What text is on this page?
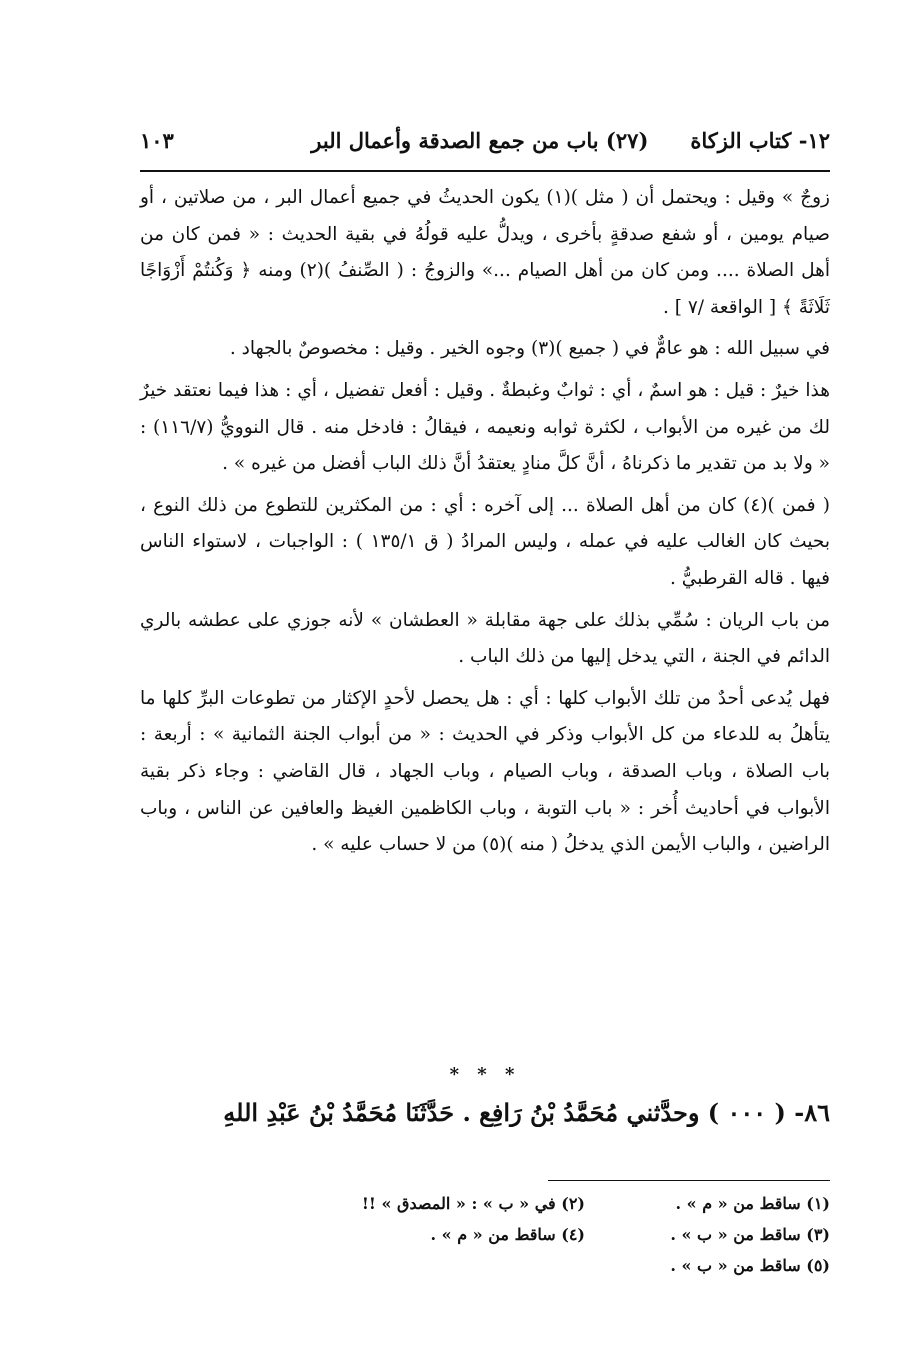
١٢- كتاب الزكاة
(٢٧) باب من جمع الصدقة وأعمال البر
١٠٣

زوجٌ » وقيل : ويحتمل أن ( مثل )(١) يكون الحديثُ في جميع أعمال البر ، من صلاتين ، أو صيام يومين ، أو شفع صدقةٍ بأخرى ، ويدلُّ عليه قولُهُ في بقية الحديث : « فمن كان من أهل الصلاة .... ومن كان من أهل الصيام ...» والزوجُ : ( الصِّنفُ )(٢) ومنه ﴿ وَكُنتُمْ أَزْوَاجًا ثَلَاثَةً ﴾ [ الواقعة /٧ ] .

في سبيل الله : هو عامٌّ في ( جميع )(٣) وجوه الخير . وقيل : مخصوصٌ بالجهاد .

هذا خيرٌ : قيل : هو اسمٌ ، أي : ثوابٌ وغبطةٌ . وقيل : أفعل تفضيل ، أي : هذا فيما نعتقد خيرٌ لك من غيره من الأبواب ، لكثرة ثوابه ونعيمه ، فيقالُ : فادخل منه . قال النوويُّ (١١٦/٧) : « ولا بد من تقدير ما ذكرناهُ ، أنَّ كلَّ منادٍ يعتقدُ أنَّ ذلك الباب أفضل من غيره » .

( فمن )(٤) كان من أهل الصلاة ... إلى آخره : أي : من المكثرين للتطوع من ذلك النوع ، بحيث كان الغالب عليه في عمله ، وليس المرادُ ( ق ١٣٥/١ ) : الواجبات ، لاستواء الناس فيها . قاله القرطبيُّ .

من باب الريان : سُمِّي بذلك على جهة مقابلة « العطشان » لأنه جوزي على عطشه بالري الدائم في الجنة ، التي يدخل إليها من ذلك الباب .

فهل يُدعى أحدٌ من تلك الأبواب كلها : أي : هل يحصل لأحدٍ الإكثار من تطوعات البرِّ كلها ما يتأهلُ به للدعاء من كل الأبواب وذكر في الحديث : « من أبواب الجنة الثمانية » : أربعة : باب الصلاة ، وباب الصدقة ، وباب الصيام ، وباب الجهاد ، قال القاضي : وجاء ذكر بقية الأبواب في أحاديث أُخر : « باب التوبة ، وباب الكاظمين الغيظ والعافين عن الناس ، وباب الراضين ، والباب الأيمن الذي يدخلُ ( منه )(٥) من لا حساب عليه » .

* * *
٨٦- ( ٠٠٠ ) وحدَّثني مُحَمَّدُ بْنُ رَافِعٍ . حَدَّثَنَا مُحَمَّدُ بْنُ عَبْدِ اللهِ
(١) ساقط من « م » .
(٢) في « ب » : « المصدق » !!
(٣) ساقط من « ب » .
(٤) ساقط من « م » .
(٥) ساقط من « ب » .
